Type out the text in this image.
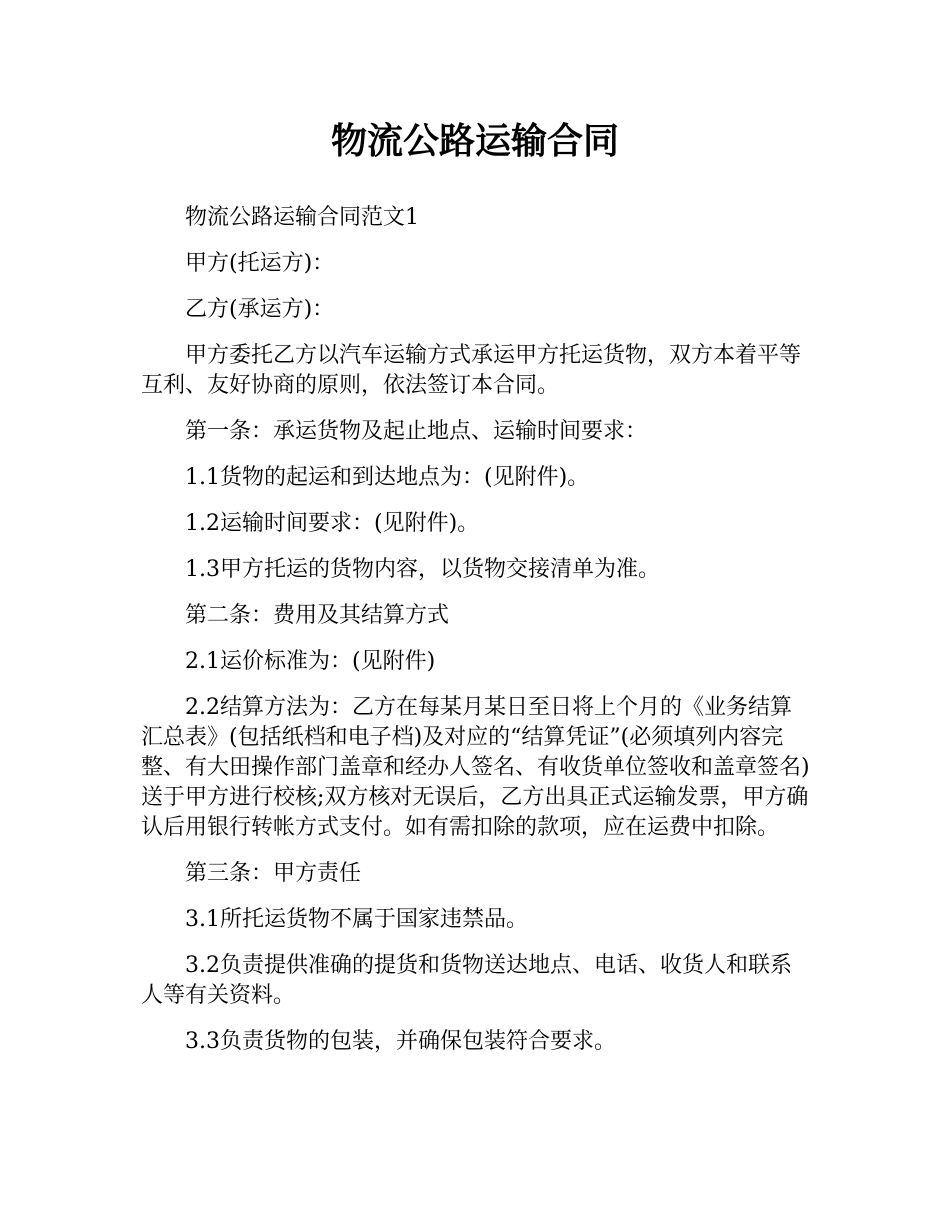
物流公路运输合同

物流公路运输合同范文1

甲方(托运方)：

乙方(承运方)：

甲方委托乙方以汽车运输方式承运甲方托运货物，双方本着平等互利、友好协商的原则，依法签订本合同。

第一条：承运货物及起止地点、运输时间要求：

1.1货物的起运和到达地点为：(见附件)。

1.2运输时间要求：(见附件)。

1.3甲方托运的货物内容，以货物交接清单为准。

第二条：费用及其结算方式

2.1运价标准为：(见附件)

2.2结算方法为：乙方在每某月某日至日将上个月的《业务结算汇总表》(包括纸档和电子档)及对应的“结算凭证”(必须填列内容完整、有大田操作部门盖章和经办人签名、有收货单位签收和盖章签名)送于甲方进行校核;双方核对无误后，乙方出具正式运输发票，甲方确认后用银行转帐方式支付。如有需扣除的款项，应在运费中扣除。

第三条：甲方责任

3.1所托运货物不属于国家违禁品。

3.2负责提供准确的提货和货物送达地点、电话、收货人和联系人等有关资料。

3.3负责货物的包装，并确保包装符合要求。
